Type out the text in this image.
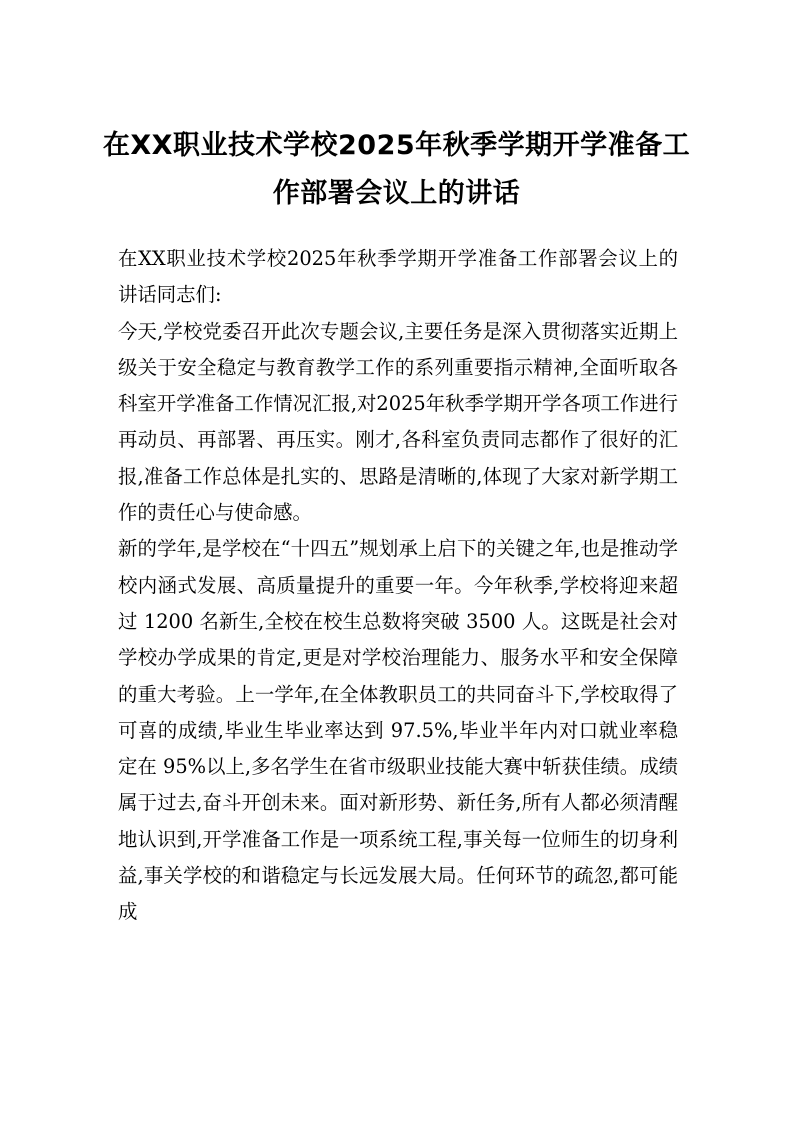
在XX职业技术学校2025年秋季学期开学准备工作部署会议上的讲话

在XX职业技术学校2025年秋季学期开学准备工作部署会议上的讲话同志们:

今天,学校党委召开此次专题会议,主要任务是深入贯彻落实近期上级关于安全稳定与教育教学工作的系列重要指示精神,全面听取各科室开学准备工作情况汇报,对2025年秋季学期开学各项工作进行再动员、再部署、再压实。刚才,各科室负责同志都作了很好的汇报,准备工作总体是扎实的、思路是清晰的,体现了大家对新学期工作的责任心与使命感。

新的学年,是学校在“十四五”规划承上启下的关键之年,也是推动学校内涵式发展、高质量提升的重要一年。今年秋季,学校将迎来超过 1200 名新生,全校在校生总数将突破 3500 人。这既是社会对学校办学成果的肯定,更是对学校治理能力、服务水平和安全保障的重大考验。上一学年,在全体教职员工的共同奋斗下,学校取得了可喜的成绩,毕业生毕业率达到 97.5%,毕业半年内对口就业率稳定在 95%以上,多名学生在省市级职业技能大赛中斩获佳绩。成绩属于过去,奋斗开创未来。面对新形势、新任务,所有人都必须清醒地认识到,开学准备工作是一项系统工程,事关每一位师生的切身利益,事关学校的和谐稳定与长远发展大局。任何环节的疏忽,都可能成
